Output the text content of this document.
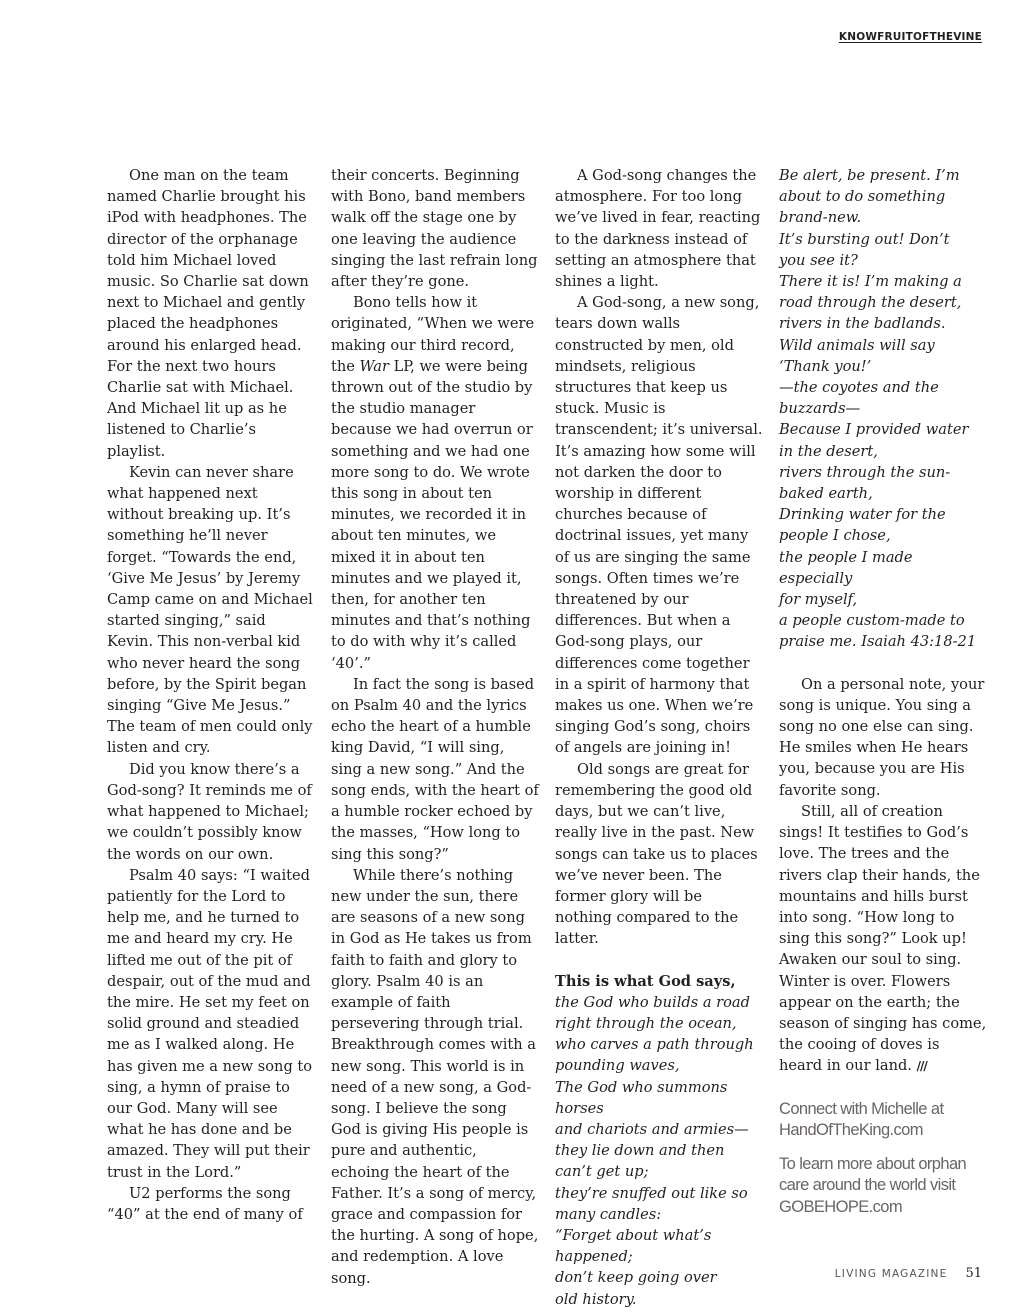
KNOWFRUITOFTHEVINE

One man on the team named Charlie brought his iPod with headphones. The director of the orphanage told him Michael loved music. So Charlie sat down next to Michael and gently placed the headphones around his enlarged head. For the next two hours Charlie sat with Michael. And Michael lit up as he listened to Charlie’s playlist.

Kevin can never share what happened next without breaking up. It’s something he’ll never forget. “Towards the end, ‘Give Me Jesus’ by Jeremy Camp came on and Michael started singing,” said Kevin. This non-verbal kid who never heard the song before, by the Spirit began singing “Give Me Jesus.” The team of men could only listen and cry.

Did you know there’s a God-song? It reminds me of what happened to Michael; we couldn’t possibly know the words on our own.

Psalm 40 says: “I waited patiently for the Lord to help me, and he turned to me and heard my cry. He lifted me out of the pit of despair, out of the mud and the mire. He set my feet on solid ground and steadied me as I walked along. He has given me a new song to sing, a hymn of praise to our God. Many will see what he has done and be amazed. They will put their trust in the Lord.”

U2 performs the song “40” at the end of many of

their concerts. Beginning with Bono, band members walk off the stage one by one leaving the audience singing the last refrain long after they’re gone.

Bono tells how it originated, “When we were making our third record, the War LP, we were being thrown out of the studio by the studio manager because we had overrun or something and we had one more song to do. We wrote this song in about ten minutes, we recorded it in about ten minutes, we mixed it in about ten minutes and we played it, then, for another ten minutes and that’s nothing to do with why it’s called ‘40’.”

In fact the song is based on Psalm 40 and the lyrics echo the heart of a humble king David, “I will sing, sing a new song.” And the song ends, with the heart of a humble rocker echoed by the masses, “How long to sing this song?”

While there’s nothing new under the sun, there are seasons of a new song in God as He takes us from faith to faith and glory to glory. Psalm 40 is an example of faith persevering through trial. Breakthrough comes with a new song. This world is in need of a new song, a God-song. I believe the song God is giving His people is pure and authentic, echoing the heart of the Father. It’s a song of mercy, grace and compassion for the hurting. A song of hope, and redemption. A love song.

A God-song changes the atmosphere. For too long we’ve lived in fear, reacting to the darkness instead of setting an atmosphere that shines a light.

A God-song, a new song, tears down walls constructed by men, old mindsets, religious structures that keep us stuck. Music is transcendent; it’s universal. It’s amazing how some will not darken the door to worship in different churches because of doctrinal issues, yet many of us are singing the same songs. Often times we’re threatened by our differences. But when a God-song plays, our differences come together in a spirit of harmony that makes us one. When we’re singing God’s song, choirs of angels are joining in!

Old songs are great for remembering the good old days, but we can’t live, really live in the past. New songs can take us to places we’ve never been. The former glory will be nothing compared to the latter.

This is what God says,
the God who builds a road
right through the ocean,
who carves a path through
pounding waves,
The God who summons horses
and chariots and armies—
they lie down and then
can’t get up;
they’re snuffed out like so
many candles:
“Forget about what’s happened;
don’t keep going over
old history.
Be alert, be present. I’m
about to do something
brand-new.
It’s bursting out! Don’t
you see it?
There it is! I’m making a
road through the desert,
rivers in the badlands.
Wild animals will say
‘Thank you!’
—the coyotes and the
buzzards—
Because I provided water
in the desert,
rivers through the sun-
baked earth,
Drinking water for the
people I chose,
the people I made especially
for myself,
a people custom-made to
praise me. Isaiah 43:18-21

On a personal note, your song is unique. You sing a song no one else can sing. He smiles when He hears you, because you are His favorite song.

Still, all of creation sings! It testifies to God’s love. The trees and the rivers clap their hands, the mountains and hills burst into song. “How long to sing this song?” Look up! Awaken our soul to sing. Winter is over. Flowers appear on the earth; the season of singing has come, the cooing of doves is heard in our land. ///

Connect with Michelle at HandOfTheKing.com
To learn more about orphan care around the world visit GOBEHOPE.com
LIVING MAGAZINE 51
